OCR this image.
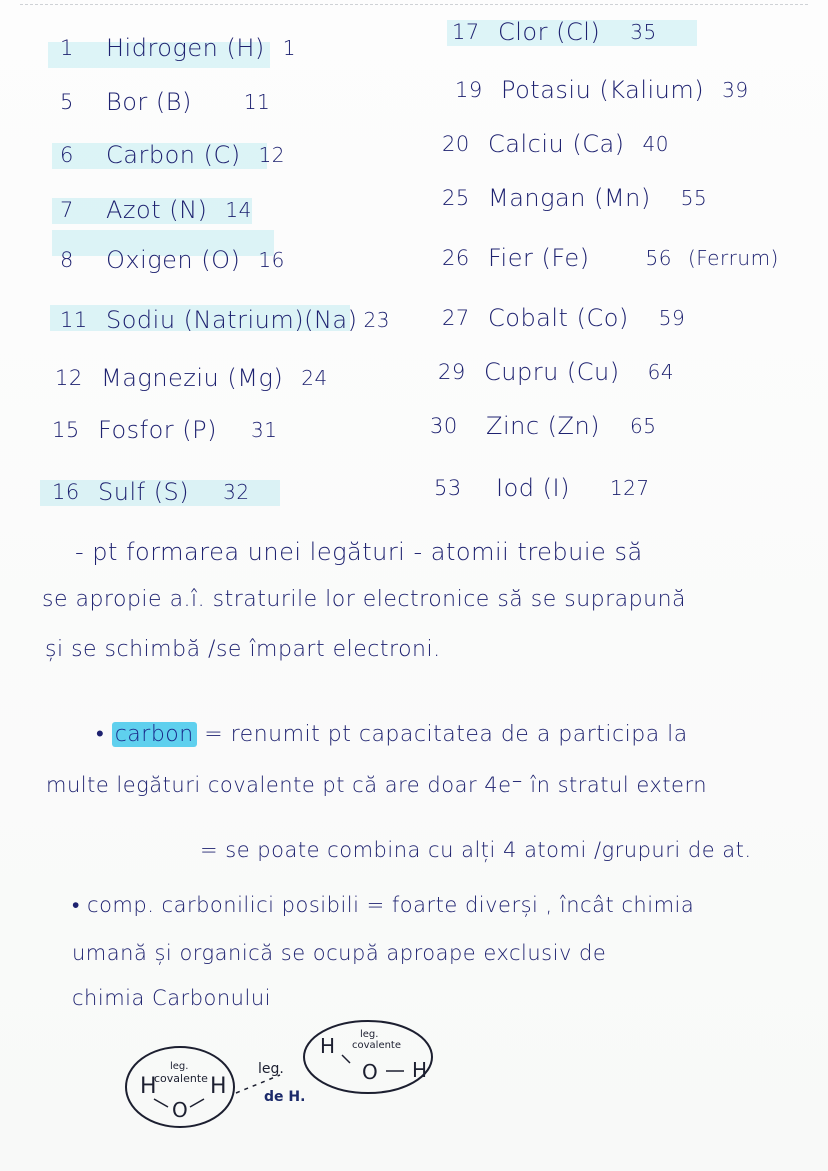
1	Hidrogen (H) 1
5	Bor (B)	11
6	Carbon (C) 12
7	Azot (N) 14
8	Oxigen (O) 16
11 Sodiu (Natrium)(Na) 23
12 Magneziu (Mg) 24
15 Fosfor (P) 31
16 Sulf (S) 32
17 Clor (Cl) 35
19 Potasiu (Kalium) 39
20 Calciu (Ca) 40
25 Mangan (Mn) 55
26 Fier (Fe)	56 (Ferrum)
27 Cobalt (Co) 59
29 Cupru (Cu) 64
30	Zinc (Zn) 65
53	Iod (I) 127
- pt formarea unei legături - atomii trebuie să
se apropie a.î. straturile lor electronice să se suprapună
și se schimbă /se împart electroni.
• carbon = renumit pt capacitatea de a participa la
multe legături covalente pt că are doar 4e⁻ în stratul extern
= se poate combina cu alți 4 atomi /grupuri de at.
• comp. carbonilici posibili = foarte diverși , încât chimia
umană și organică se ocupă aproape exclusiv de
chimia Carbonului
H H
O
leg.
covalente
leg.
de H.
H
H
O
leg.
covalente
